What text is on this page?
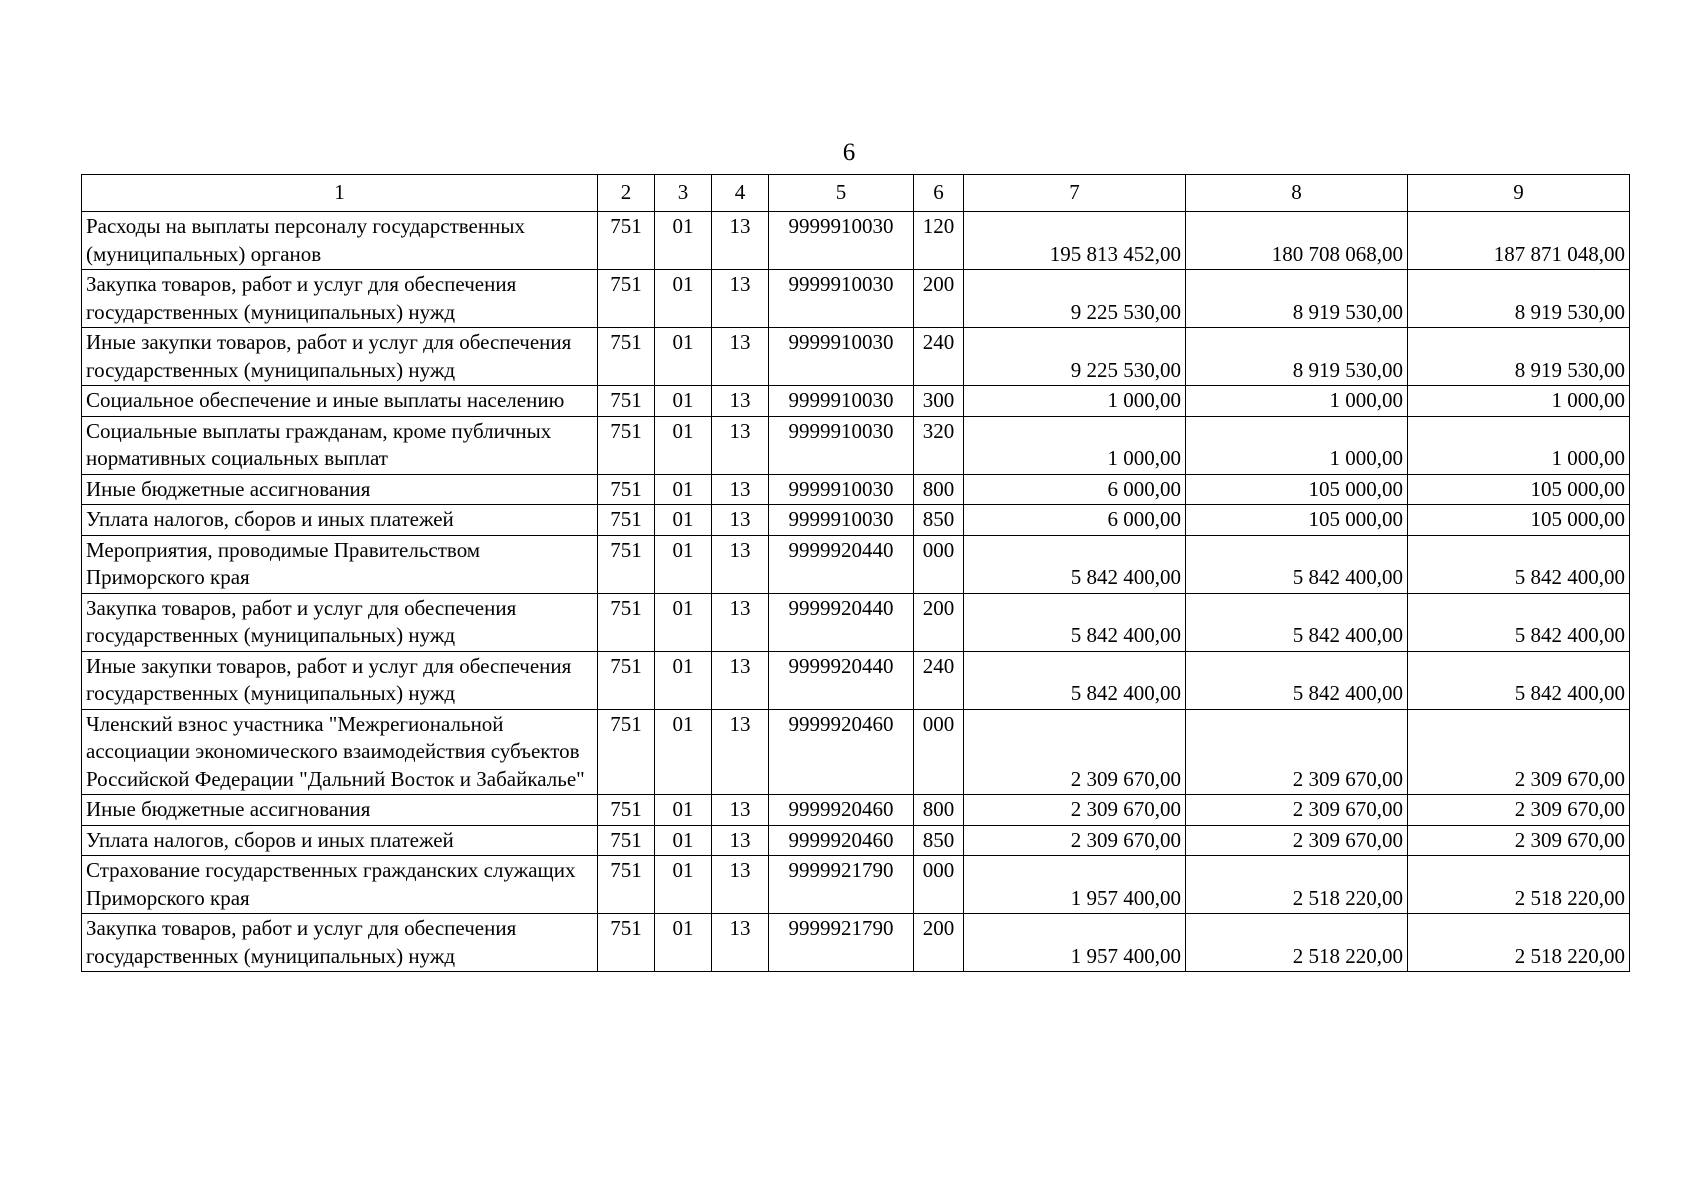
6
1	2	3	4	5	6	7	8	9
Расходы на выплаты персоналу государственных (муниципальных) органов	751	01	13	9999910030	120	195 813 452,00	180 708 068,00	187 871 048,00
Закупка товаров, работ и услуг для обеспечения государственных (муниципальных) нужд	751	01	13	9999910030	200	9 225 530,00	8 919 530,00	8 919 530,00
Иные закупки товаров, работ и услуг для обеспечения государственных (муниципальных) нужд	751	01	13	9999910030	240	9 225 530,00	8 919 530,00	8 919 530,00
Социальное обеспечение и иные выплаты населению	751	01	13	9999910030	300	1 000,00	1 000,00	1 000,00
Социальные выплаты гражданам, кроме публичных нормативных социальных выплат	751	01	13	9999910030	320	1 000,00	1 000,00	1 000,00
Иные бюджетные ассигнования	751	01	13	9999910030	800	6 000,00	105 000,00	105 000,00
Уплата налогов, сборов и иных платежей	751	01	13	9999910030	850	6 000,00	105 000,00	105 000,00
Мероприятия, проводимые Правительством Приморского края	751	01	13	9999920440	000	5 842 400,00	5 842 400,00	5 842 400,00
Закупка товаров, работ и услуг для обеспечения государственных (муниципальных) нужд	751	01	13	9999920440	200	5 842 400,00	5 842 400,00	5 842 400,00
Иные закупки товаров, работ и услуг для обеспечения государственных (муниципальных) нужд	751	01	13	9999920440	240	5 842 400,00	5 842 400,00	5 842 400,00
Членский взнос участника "Межрегиональной ассоциации экономического взаимодействия субъектов Российской Федерации "Дальний Восток и Забайкалье"	751	01	13	9999920460	000	2 309 670,00	2 309 670,00	2 309 670,00
Иные бюджетные ассигнования	751	01	13	9999920460	800	2 309 670,00	2 309 670,00	2 309 670,00
Уплата налогов, сборов и иных платежей	751	01	13	9999920460	850	2 309 670,00	2 309 670,00	2 309 670,00
Страхование государственных гражданских служащих Приморского края	751	01	13	9999921790	000	1 957 400,00	2 518 220,00	2 518 220,00
Закупка товаров, работ и услуг для обеспечения государственных (муниципальных) нужд	751	01	13	9999921790	200	1 957 400,00	2 518 220,00	2 518 220,00
